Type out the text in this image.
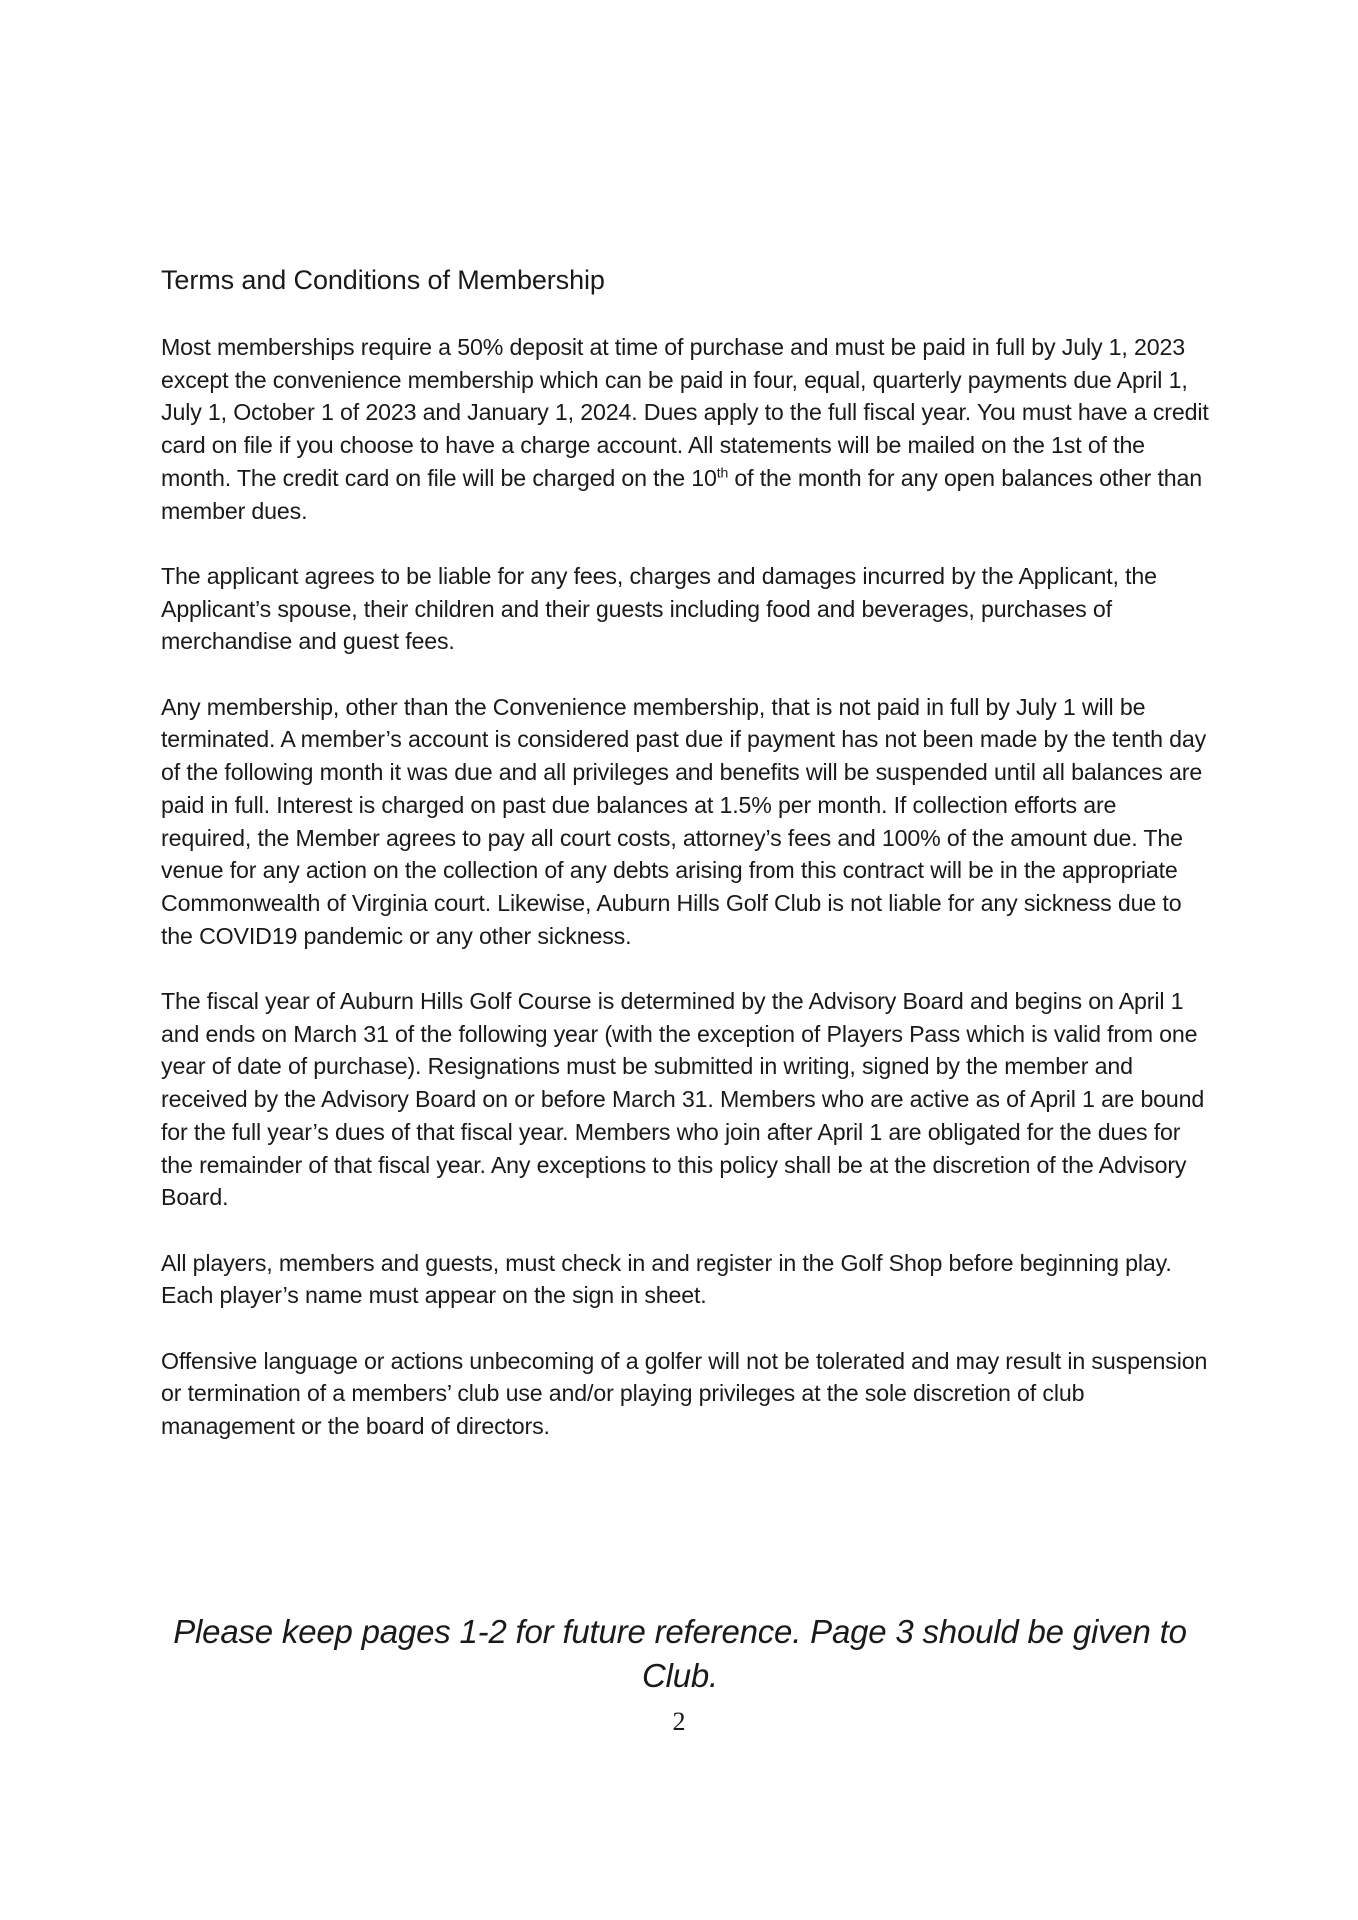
Terms and Conditions of Membership

Most memberships require a 50% deposit at time of purchase and must be paid in full by July 1, 2023 except the convenience membership which can be paid in four, equal, quarterly payments due April 1, July 1, October 1 of 2023 and January 1, 2024. Dues apply to the full fiscal year. You must have a credit card on file if you choose to have a charge account. All statements will be mailed on the 1st of the month. The credit card on file will be charged on the 10th of the month for any open balances other than member dues.

The applicant agrees to be liable for any fees, charges and damages incurred by the Applicant, the Applicant’s spouse, their children and their guests including food and beverages, purchases of merchandise and guest fees.

Any membership, other than the Convenience membership, that is not paid in full by July 1 will be terminated. A member’s account is considered past due if payment has not been made by the tenth day of the following month it was due and all privileges and benefits will be suspended until all balances are paid in full. Interest is charged on past due balances at 1.5% per month. If collection efforts are required, the Member agrees to pay all court costs, attorney’s fees and 100% of the amount due. The venue for any action on the collection of any debts arising from this contract will be in the appropriate Commonwealth of Virginia court. Likewise, Auburn Hills Golf Club is not liable for any sickness due to the COVID19 pandemic or any other sickness.

The fiscal year of Auburn Hills Golf Course is determined by the Advisory Board and begins on April 1 and ends on March 31 of the following year (with the exception of Players Pass which is valid from one year of date of purchase). Resignations must be submitted in writing, signed by the member and received by the Advisory Board on or before March 31. Members who are active as of April 1 are bound for the full year’s dues of that fiscal year. Members who join after April 1 are obligated for the dues for the remainder of that fiscal year. Any exceptions to this policy shall be at the discretion of the Advisory Board.

All players, members and guests, must check in and register in the Golf Shop before beginning play. Each player’s name must appear on the sign in sheet.

Offensive language or actions unbecoming of a golfer will not be tolerated and may result in suspension or termination of a members’ club use and/or playing privileges at the sole discretion of club management or the board of directors.

Please keep pages 1-2 for future reference. Page 3 should be given to Club.
2
